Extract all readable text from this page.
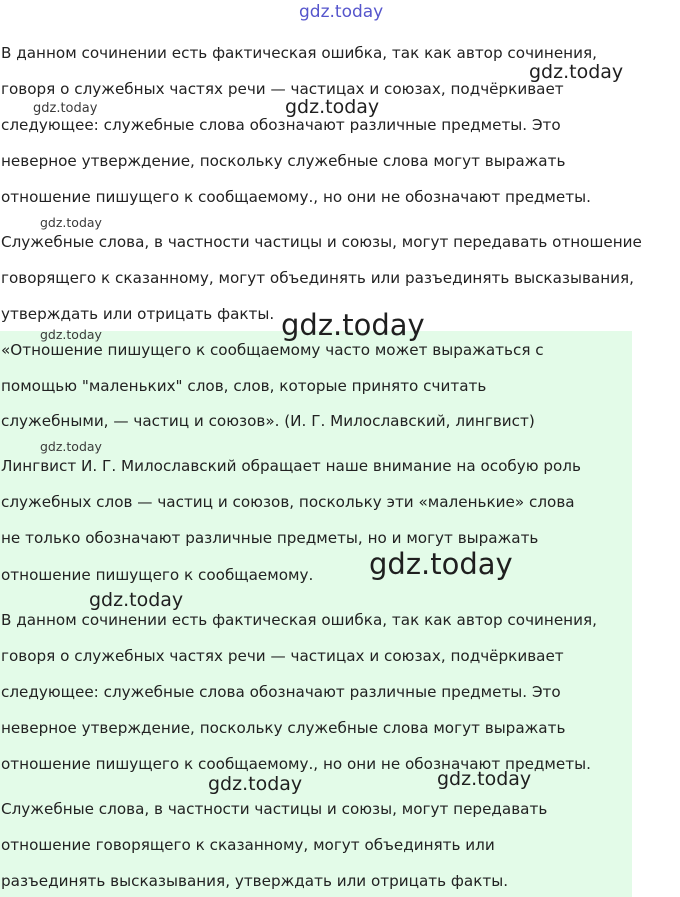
В данном сочинении есть фактическая ошибка, так как автор сочинения,
говоря о служебных частях речи — частицах и союзах, подчёркивает
следующее: служебные слова обозначают различные предметы. Это
неверное утверждение, поскольку служебные слова могут выражать
отношение пишущего к сообщаемому., но они не обозначают предметы.
Служебные слова, в частности частицы и союзы, могут передавать отношение
говорящего к сказанному, могут объединять или разъединять высказывания,
утверждать или отрицать факты.
«Отношение пишущего к сообщаемому часто может выражаться с
помощью "маленьких" слов, слов, которые принято считать
служебными, — частиц и союзов». (И. Г. Милославский, лингвист)
Лингвист И. Г. Милославский обращает наше внимание на особую роль
служебных слов — частиц и союзов, поскольку эти «маленькие» слова
не только обозначают различные предметы, но и могут выражать
отношение пишущего к сообщаемому.
В данном сочинении есть фактическая ошибка, так как автор сочинения,
говоря о служебных частях речи — частицах и союзах, подчёркивает
следующее: служебные слова обозначают различные предметы. Это
неверное утверждение, поскольку служебные слова могут выражать
отношение пишущего к сообщаемому., но они не обозначают предметы.
Служебные слова, в частности частицы и союзы, могут передавать
отношение говорящего к сказанному, могут объединять или
разъединять высказывания, утверждать или отрицать факты.
gdz.today
gdz.today
gdz.today	gdz.today
gdz.today
gdz.today
gdz.today
gdz.today
gdz.today
gdz.today
gdz.today	gdz.today
